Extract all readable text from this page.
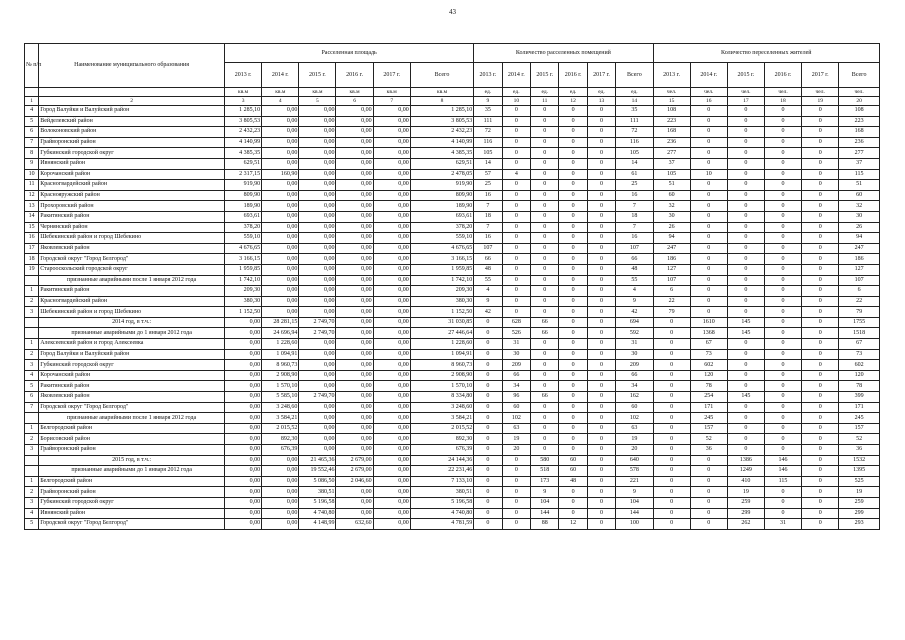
43
№ п/п	Наименование муниципального образования	Расселенная площадь						Количество расселенных помещений						Количество переселенных жителей					
		2013 г.	2014 г.	2015 г.	2016 г.	2017 г.	Всего	2013 г.	2014 г.	2015 г.	2016 г.	2017 г.	Всего	2013 г.	2014 г.	2015 г.	2016 г.	2017 г.	Всего
		кв.м	кв.м	кв.м	кв.м	кв.м	кв.м	ед.	ед.	ед.	ед.	ед.	ед.	чел.	чел.	чел.	чел.	чел.	чел.
1	2	3	4	5	6	7	8	9	10	11	12	13	14	15	16	17	18	19	20
4	Город Валуйки и Валуйский район	1 285,10	0,00	0,00	0,00	0,00	1 285,10	35	0	0	0	0	35	108	0	0	0	0	108
5	Вейделевский район	3 805,53	0,00	0,00	0,00	0,00	3 805,53	111	0	0	0	0	111	223	0	0	0	0	223
6	Волоконовский район	2 432,23	0,00	0,00	0,00	0,00	2 432,23	72	0	0	0	0	72	168	0	0	0	0	168
7	Грайворонский район	4 140,99	0,00	0,00	0,00	0,00	4 140,99	116	0	0	0	0	116	236	0	0	0	0	236
8	Губкинский городской округ	4 385,35	0,00	0,00	0,00	0,00	4 385,35	105	0	0	0	0	105	277	0	0	0	0	277
9	Ивнянский район	629,51	0,00	0,00	0,00	0,00	629,51	14	0	0	0	0	14	37	0	0	0	0	37
10	Корочанский район	2 317,15	160,90	0,00	0,00	0,00	2 478,05	57	4	0	0	0	61	105	10	0	0	0	115
11	Красногвардейский район	919,90	0,00	0,00	0,00	0,00	919,90	25	0	0	0	0	25	51	0	0	0	0	51
12	Краснояружский район	809,90	0,00	0,00	0,00	0,00	809,90	16	0	0	0	0	16	60	0	0	0	0	60
13	Прохоровский район	189,90	0,00	0,00	0,00	0,00	189,90	7	0	0	0	0	7	32	0	0	0	0	32
14	Ракитянский район	693,61	0,00	0,00	0,00	0,00	693,61	18	0	0	0	0	18	30	0	0	0	0	30
15	Чернянский район	378,20	0,00	0,00	0,00	0,00	378,20	7	0	0	0	0	7	26	0	0	0	0	26
16	Шебекинский район и город Шебекино	559,10	0,00	0,00	0,00	0,00	559,10	16	0	0	0	0	16	94	0	0	0	0	94
17	Яковлевский район	4 676,65	0,00	0,00	0,00	0,00	4 676,65	107	0	0	0	0	107	247	0	0	0	0	247
18	Городской округ "Город Белгород"	3 166,15	0,00	0,00	0,00	0,00	3 166,15	66	0	0	0	0	66	186	0	0	0	0	186
19	Старооскольский городской округ	1 959,85	0,00	0,00	0,00	0,00	1 959,85	48	0	0	0	0	48	127	0	0	0	0	127
	признанные аварийными после 1 января 2012 года	1 742,10	0,00	0,00	0,00	0,00	1 742,10	55	0	0	0	0	55	107	0	0	0	0	107
1	Ракитянский район	209,30	0,00	0,00	0,00	0,00	209,30	4	0	0	0	0	4	6	0	0	0	0	6
2	Красногвардейский район	380,30	0,00	0,00	0,00	0,00	380,30	9	0	0	0	0	9	22	0	0	0	0	22
3	Шебекинский район и город Шебекино	1 152,50	0,00	0,00	0,00	0,00	1 152,50	42	0	0	0	0	42	79	0	0	0	0	79
	2014 год, в т.ч.:	0,00	28 281,15	2 749,70	0,00	0,00	31 030,85	0	628	66	0	0	694	0	1610	145	0	0	1755
	признанные аварийными до 1 января 2012 года	0,00	24 696,94	2 749,70	0,00	0,00	27 446,64	0	526	66	0	0	592	0	1368	145	0	0	1518
1	Алексеевский район и город Алексеевка	0,00	1 228,60	0,00	0,00	0,00	1 228,60	0	31	0	0	0	31	0	67	0	0	0	67
2	Город Валуйки и Валуйский район	0,00	1 094,91	0,00	0,00	0,00	1 094,91	0	30	0	0	0	30	0	73	0	0	0	73
3	Губкинский городской округ	0,00	8 960,73	0,00	0,00	0,00	8 960,73	0	209	0	0	0	209	0	602	0	0	0	602
4	Корочанский район	0,00	2 908,90	0,00	0,00	0,00	2 908,90	0	66	0	0	0	66	0	120	0	0	0	120
5	Ракитянский район	0,00	1 570,10	0,00	0,00	0,00	1 570,10	0	34	0	0	0	34	0	78	0	0	0	78
6	Яковлевский район	0,00	5 585,10	2 749,70	0,00	0,00	8 334,80	0	96	66	0	0	162	0	254	145	0	0	399
7	Городской округ "Город Белгород"	0,00	3 248,60	0,00	0,00	0,00	3 248,60	0	60	0	0	0	60	0	171	0	0	0	171
	признанные аварийными после 1 января 2012 года	0,00	3 584,21	0,00	0,00	0,00	3 584,21	0	102	0	0	0	102	0	245	0	0	0	245
1	Белгородский район	0,00	2 015,52	0,00	0,00	0,00	2 015,52	0	63	0	0	0	63	0	157	0	0	0	157
2	Борисовский район	0,00	892,30	0,00	0,00	0,00	892,30	0	19	0	0	0	19	0	52	0	0	0	52
3	Грайворонский район	0,00	676,39	0,00	0,00	0,00	676,39	0	20	0	0	0	20	0	36	0	0	0	36
	2015 год, в т.ч.:	0,00	0,00	21 465,36	2 679,00	0,00	24 144,36	0	0	580	60	0	640	0	0	1386	146	0	1532
	признанные аварийными до 1 января 2012 года	0,00	0,00	19 552,46	2 679,00	0,00	22 231,46	0	0	518	60	0	578	0	0	1249	146	0	1395
1	Белгородский район	0,00	0,00	5 086,50	2 046,60	0,00	7 133,10	0	0	173	48	0	221	0	0	410	115	0	525
2	Грайворонский район	0,00	0,00	380,51	0,00	0,00	380,51	0	0	9	0	0	9	0	0	19	0	0	19
3	Губкинский городской округ	0,00	0,00	5 196,58	0,00	0,00	5 196,58	0	0	104	0	0	104	0	0	259	0	0	259
4	Ивнянский район	0,00	0,00	4 740,80	0,00	0,00	4 740,80	0	0	144	0	0	144	0	0	299	0	0	299
5	Городской округ "Город Белгород"	0,00	0,00	4 148,99	632,60	0,00	4 781,59	0	0	88	12	0	100	0	0	262	31	0	293
